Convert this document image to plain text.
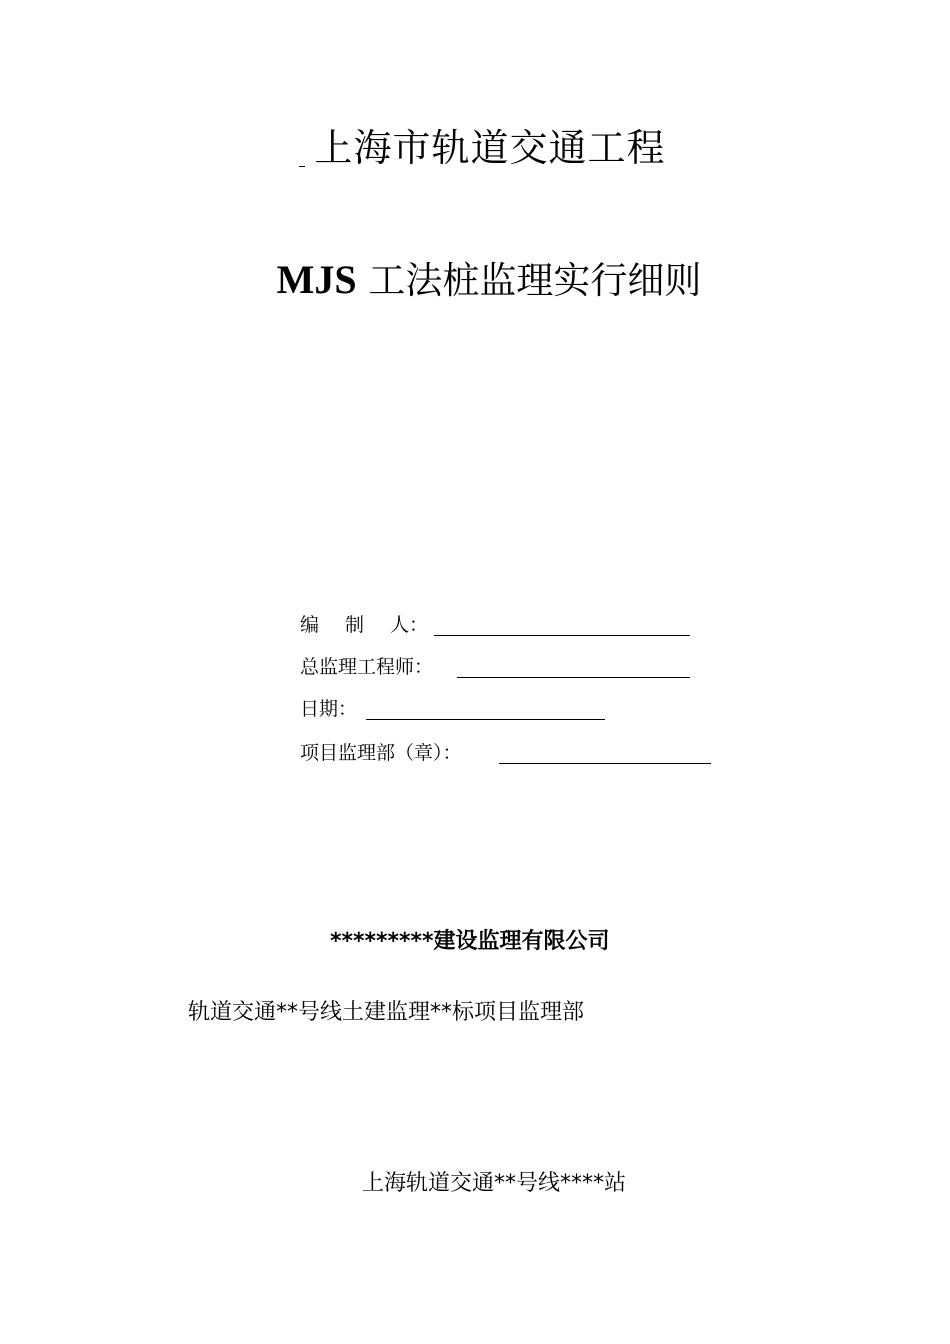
上海市轨道交通工程
MJS 工法桩监理实行细则
编 制 人：
总监理工程师：
日期：
项目监理部（章）：
*********建设监理有限公司
轨道交通**号线土建监理**标项目监理部
上海轨道交通**号线****站
